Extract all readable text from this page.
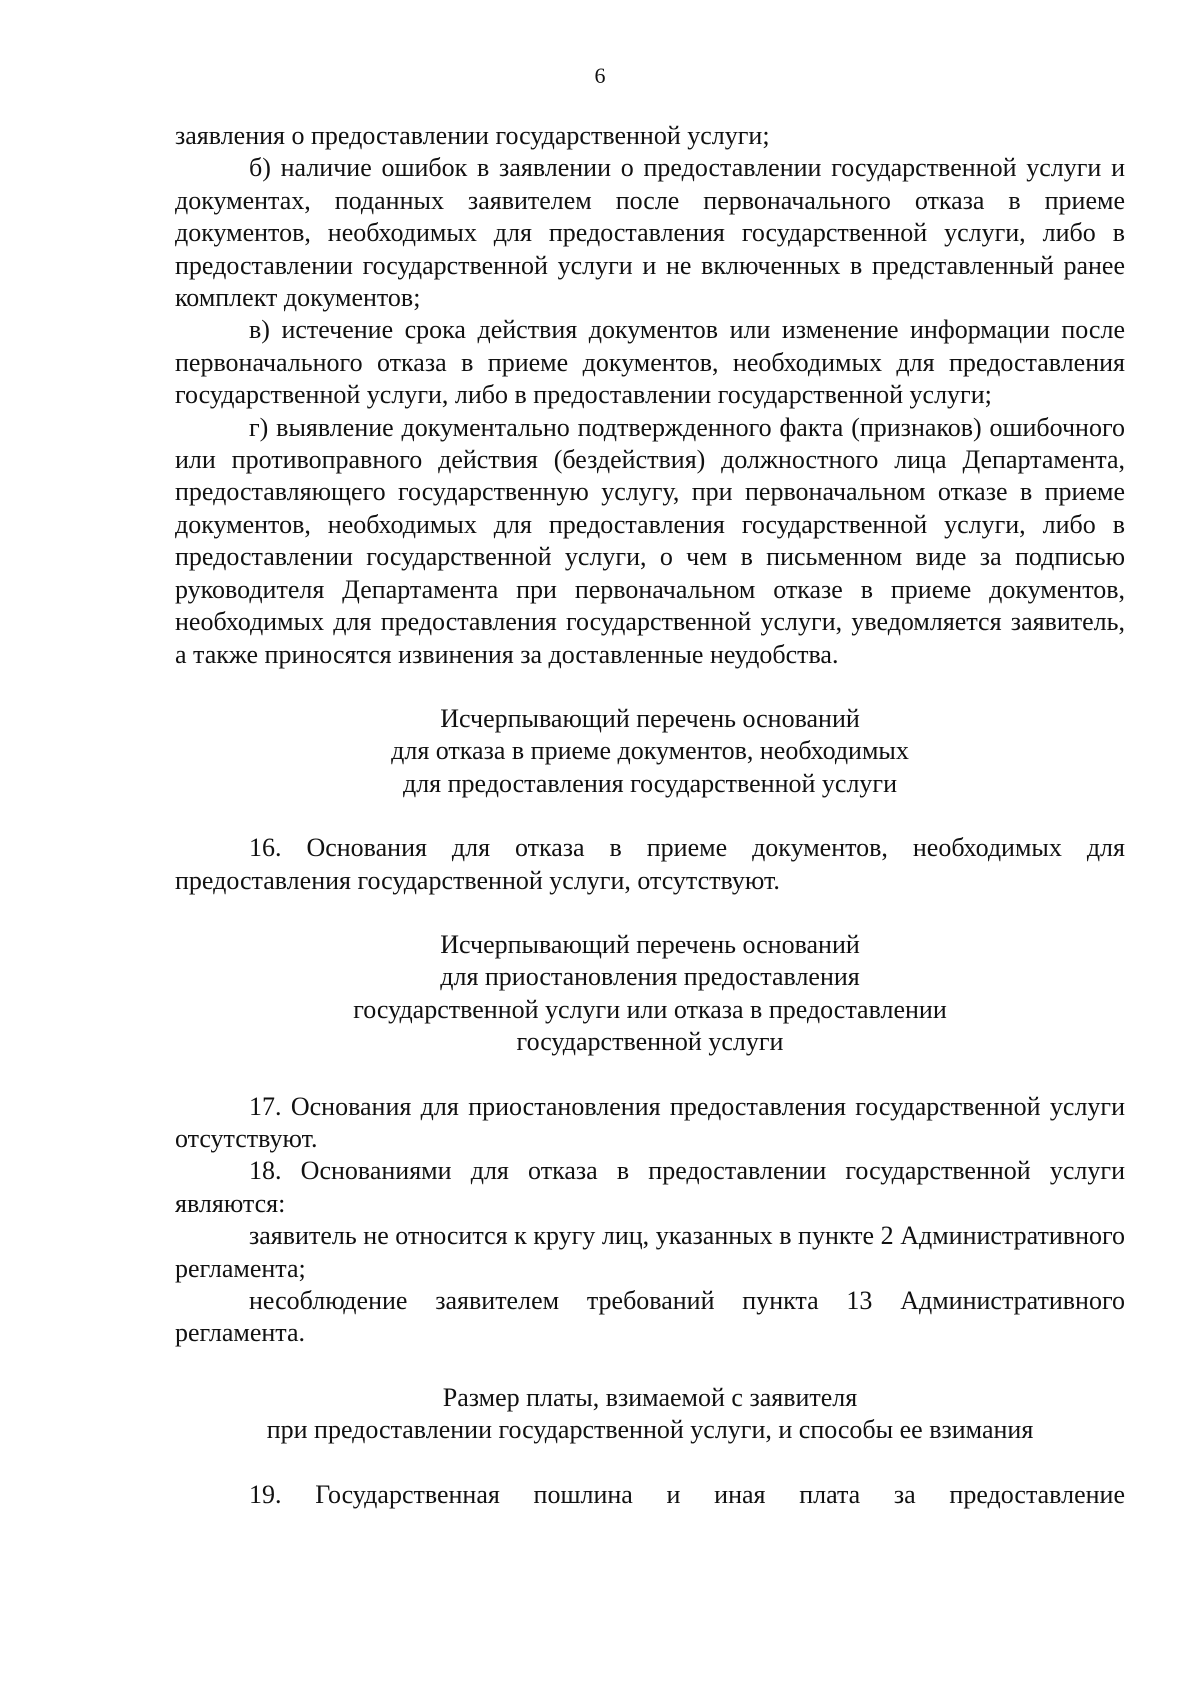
6

заявления о предоставлении государственной услуги;

б) наличие ошибок в заявлении о предоставлении государственной услуги и документах, поданных заявителем после первоначального отказа в приеме документов, необходимых для предоставления государственной услуги, либо в предоставлении государственной услуги и не включенных в представленный ранее комплект документов;

в) истечение срока действия документов или изменение информации после первоначального отказа в приеме документов, необходимых для предоставления государственной услуги, либо в предоставлении государственной услуги;

г) выявление документально подтвержденного факта (признаков) ошибочного или противоправного действия (бездействия) должностного лица Департамента, предоставляющего государственную услугу, при первоначальном отказе в приеме документов, необходимых для предоставления государственной услуги, либо в предоставлении государственной услуги, о чем в письменном виде за подписью руководителя Департамента при первоначальном отказе в приеме документов, необходимых для предоставления государственной услуги, уведомляется заявитель, а также приносятся извинения за доставленные неудобства.

Исчерпывающий перечень оснований
для отказа в приеме документов, необходимых
для предоставления государственной услуги

16. Основания для отказа в приеме документов, необходимых для предоставления государственной услуги, отсутствуют.

Исчерпывающий перечень оснований
для приостановления предоставления
государственной услуги или отказа в предоставлении
государственной услуги

17. Основания для приостановления предоставления государственной услуги отсутствуют.

18. Основаниями для отказа в предоставлении государственной услуги являются:

заявитель не относится к кругу лиц, указанных в пункте 2 Административного регламента;

несоблюдение заявителем требований пункта 13 Административного регламента.

Размер платы, взимаемой с заявителя
при предоставлении государственной услуги, и способы ее взимания

19. Государственная пошлина и иная плата за предоставление
